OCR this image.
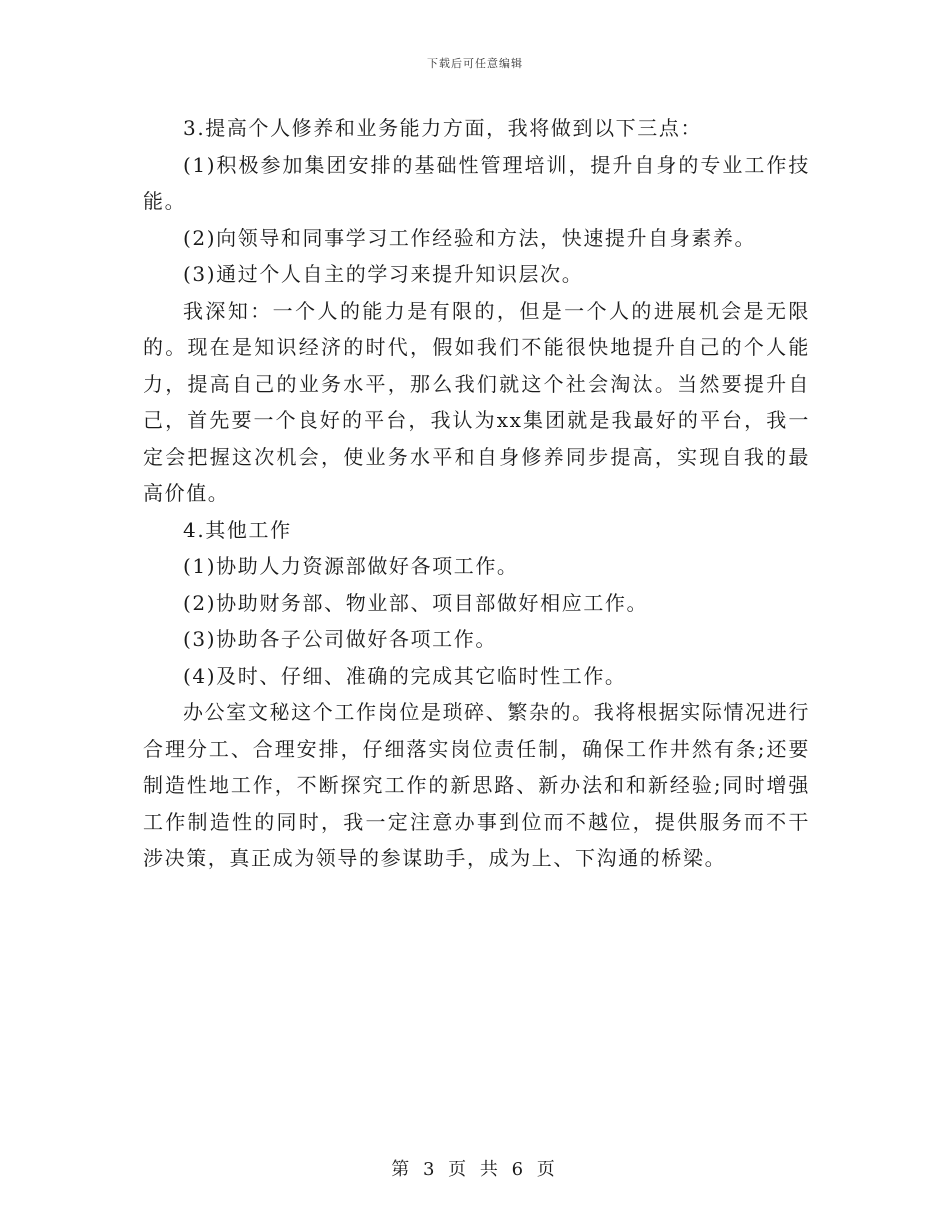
下载后可任意编辑

3.提高个人修养和业务能力方面，我将做到以下三点：

(1)积极参加集团安排的基础性管理培训，提升自身的专业工作技能。

(2)向领导和同事学习工作经验和方法，快速提升自身素养。

(3)通过个人自主的学习来提升知识层次。

我深知：一个人的能力是有限的，但是一个人的进展机会是无限的。现在是知识经济的时代，假如我们不能很快地提升自己的个人能力，提高自己的业务水平，那么我们就这个社会淘汰。当然要提升自己，首先要一个良好的平台，我认为xx集团就是我最好的平台，我一定会把握这次机会，使业务水平和自身修养同步提高，实现自我的最高价值。

4.其他工作

(1)协助人力资源部做好各项工作。

(2)协助财务部、物业部、项目部做好相应工作。

(3)协助各子公司做好各项工作。

(4)及时、仔细、准确的完成其它临时性工作。

办公室文秘这个工作岗位是琐碎、繁杂的。我将根据实际情况进行合理分工、合理安排，仔细落实岗位责任制，确保工作井然有条;还要制造性地工作，不断探究工作的新思路、新办法和和新经验;同时增强工作制造性的同时，我一定注意办事到位而不越位，提供服务而不干涉决策，真正成为领导的参谋助手，成为上、下沟通的桥梁。

第 3 页 共 6 页
